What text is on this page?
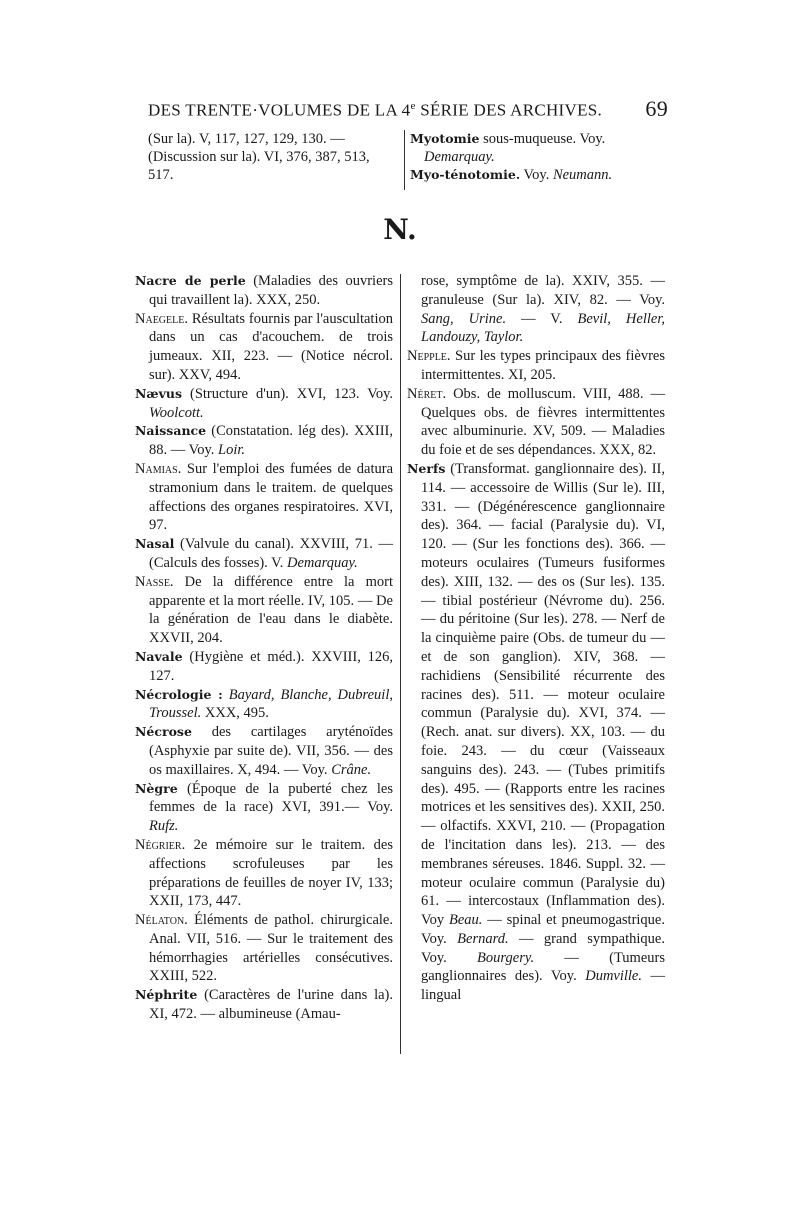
DES TRENTE·VOLUMES DE LA 4e SÉRIE DES ARCHIVES. 69
(Sur la). V, 117, 127, 129, 130. — (Discussion sur la). VI, 376, 387, 513, 517.

Myotomie sous-muqueuse. Voy. Demarquay.

Myo-ténotomie. Voy. Neumann.

N.

Nacre de perle (Maladies des ouvriers qui travaillent la). XXX, 250.

Naegele. Résultats fournis par l'auscultation dans un cas d'acouchem. de trois jumeaux. XII, 223. — (Notice nécrol. sur). XXV, 494.

Nævus (Structure d'un). XVI, 123. Voy. Woolcott.

Naissance (Constatation. lég des). XXIII, 88. — Voy. Loir.

Namias. Sur l'emploi des fumées de datura stramonium dans le traitem. de quelques affections des organes respiratoires. XVI, 97.

Nasal (Valvule du canal). XXVIII, 71. — (Calculs des fosses). V. Demarquay.

Nasse. De la différence entre la mort apparente et la mort réelle. IV, 105. — De la génération de l'eau dans le diabète. XXVII, 204.

Navale (Hygiène et méd.). XXVIII, 126, 127.

Nécrologie : Bayard, Blanche, Dubreuil, Troussel. XXX, 495.

Nécrose des cartilages aryténoïdes (Asphyxie par suite de). VII, 356. — des os maxillaires. X, 494. — Voy. Crâne.

Nègre (Époque de la puberté chez les femmes de la race) XVI, 391.— Voy. Rufz.

Négrier. 2e mémoire sur le traitem. des affections scrofuleuses par les préparations de feuilles de noyer IV, 133; XXII, 173, 447.

Nélaton. Éléments de pathol. chirurgicale. Anal. VII, 516. — Sur le traitement des hémorrhagies artérielles consécutives. XXIII, 522.

Néphrite (Caractères de l'urine dans la). XI, 472. — albumineuse (Amau-

rose, symptôme de la). XXIV, 355. — granuleuse (Sur la). XIV, 82. — Voy. Sang, Urine. — V. Bevil, Heller, Landouzy, Taylor.

Nepple. Sur les types principaux des fièvres intermittentes. XI, 205.

Néret. Obs. de molluscum. VIII, 488. — Quelques obs. de fièvres intermittentes avec albuminurie. XV, 509. — Maladies du foie et de ses dépendances. XXX, 82.

Nerfs (Transformat. ganglionnaire des). II, 114. — accessoire de Willis (Sur le). III, 331. — (Dégénérescence ganglionnaire des). 364. — facial (Paralysie du). VI, 120. — (Sur les fonctions des). 366. — moteurs oculaires (Tumeurs fusiformes des). XIII, 132. — des os (Sur les). 135. — tibial postérieur (Névrome du). 256. — du péritoine (Sur les). 278. — Nerf de la cinquième paire (Obs. de tumeur du — et de son ganglion). XIV, 368. — rachidiens (Sensibilité récurrente des racines des). 511. — moteur oculaire commun (Paralysie du). XVI, 374. — (Rech. anat. sur divers). XX, 103. — du foie. 243. — du cœur (Vaisseaux sanguins des). 243. — (Tubes primitifs des). 495. — (Rapports entre les racines motrices et les sensitives des). XXII, 250. — olfactifs. XXVI, 210. — (Propagation de l'incitation dans les). 213. — des membranes séreuses. 1846. Suppl. 32. — moteur oculaire commun (Paralysie du) 61. — intercostaux (Inflammation des). Voy Beau. — spinal et pneumogastrique. Voy. Bernard. — grand sympathique. Voy. Bourgery. — (Tumeurs ganglionnaires des). Voy. Dumville. — lingual
